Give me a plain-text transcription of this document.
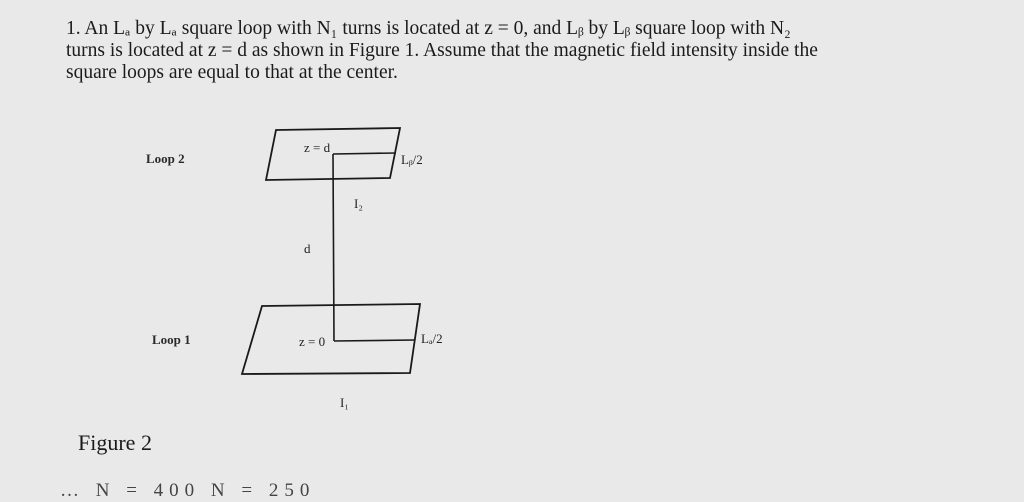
1. An Lₐ by Lₐ square loop with N₁ turns is located at z = 0, and Lᵦ by Lᵦ square loop with N₂
turns is located at z = d as shown in Figure 1. Assume that the magnetic field intensity inside the
square loops are equal to that at the center.
z = d
Lᵦ/2
I₂
d
z = 0	Lₐ/2
I₁
Loop 2
Loop 1
Figure 2
… N = 400 N = 250
